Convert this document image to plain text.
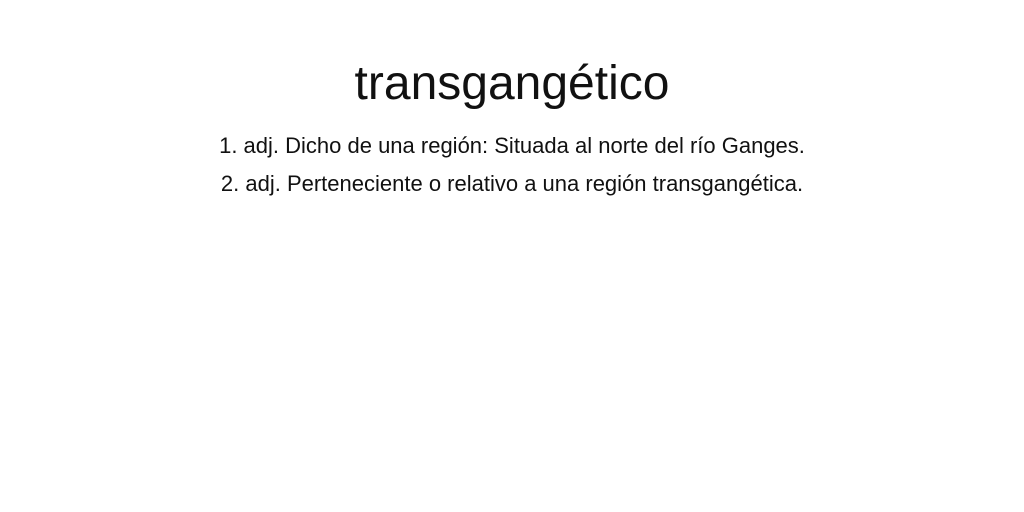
transgangético
1. adj. Dicho de una región: Situada al norte del río Ganges.
2. adj. Perteneciente o relativo a una región transgangética.
